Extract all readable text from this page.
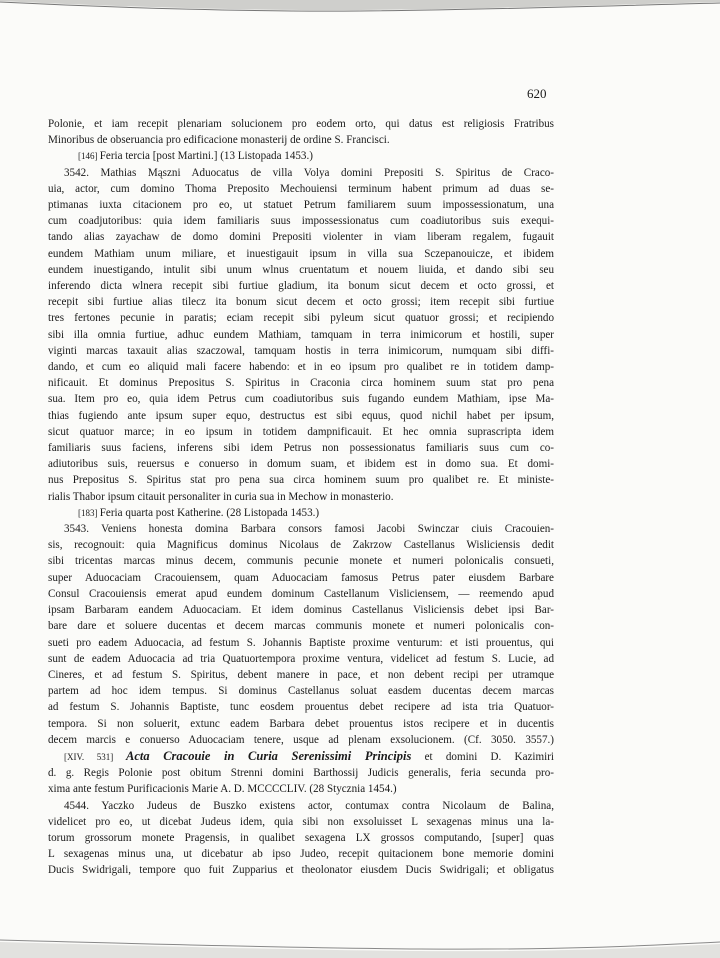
620
Polonie, et iam recepit plenariam solucionem pro eodem orto, qui datus est religiosis Fratribus
Minoribus de obseruancia pro edificacione monasterij de ordine S. Francisci.
[146] Feria tercia [post Martini.] (13 Listopada 1453.)
3542. Mathias Mąszni Aduocatus de villa Volya domini Prepositi S. Spiritus de Craco-
uia, actor, cum domino Thoma Preposito Mechouiensi terminum habent primum ad duas se-
ptimanas iuxta citacionem pro eo, ut statuet Petrum familiarem suum impossessionatum, una
cum coadjutoribus: quia idem familiaris suus impossessionatus cum coadiutoribus suis exequi-
tando alias zayachaw de domo domini Prepositi violenter in viam liberam regalem, fugauit
eundem Mathiam unum miliare, et inuestigauit ipsum in villa sua Sczepanouicze, et ibidem
eundem inuestigando, intulit sibi unum wlnus cruentatum et nouem liuida, et dando sibi seu
inferendo dicta wlnera recepit sibi furtiue gladium, ita bonum sicut decem et octo grossi, et
recepit sibi furtiue alias tilecz ita bonum sicut decem et octo grossi; item recepit sibi furtiue
tres fertones pecunie in paratis; eciam recepit sibi pyleum sicut quatuor grossi; et recipiendo
sibi illa omnia furtiue, adhuc eundem Mathiam, tamquam in terra inimicorum et hostili, super
viginti marcas taxauit alias szaczowal, tamquam hostis in terra inimicorum, numquam sibi diffi-
dando, et cum eo aliquid mali facere habendo: et in eo ipsum pro qualibet re in totidem damp-
nificauit. Et dominus Prepositus S. Spiritus in Craconia circa hominem suum stat pro pena
sua. Item pro eo, quia idem Petrus cum coadiutoribus suis fugando eundem Mathiam, ipse Ma-
thias fugiendo ante ipsum super equo, destructus est sibi equus, quod nichil habet per ipsum,
sicut quatuor marce; in eo ipsum in totidem dampnificauit. Et hec omnia suprascripta idem
familiaris suus faciens, inferens sibi idem Petrus non possessionatus familiaris suus cum co-
adiutoribus suis, reuersus e conuerso in domum suam, et ibidem est in domo sua. Et domi-
nus Prepositus S. Spiritus stat pro pena sua circa hominem suum pro qualibet re. Et ministe-
rialis Thabor ipsum citauit personaliter in curia sua in Mechow in monasterio.
[183] Feria quarta post Katherine. (28 Listopada 1453.)
3543. Veniens honesta domina Barbara consors famosi Jacobi Swinczar ciuis Cracouien-
sis, recognouit: quia Magnificus dominus Nicolaus de Zakrzow Castellanus Wisliciensis dedit
sibi tricentas marcas minus decem, communis pecunie monete et numeri polonicalis consueti,
super Aduocaciam Cracouiensem, quam Aduocaciam famosus Petrus pater eiusdem Barbare
Consul Cracouiensis emerat apud eundem dominum Castellanum Visliciensem, — reemendo apud
ipsam Barbaram eandem Aduocaciam. Et idem dominus Castellanus Visliciensis debet ipsi Bar-
bare dare et soluere ducentas et decem marcas communis monete et numeri polonicalis con-
sueti pro eadem Aduocacia, ad festum S. Johannis Baptiste proxime venturum: et isti prouentus, qui
sunt de eadem Aduocacia ad tria Quatuortempora proxime ventura, videlicet ad festum S. Lucie, ad
Cineres, et ad festum S. Spiritus, debent manere in pace, et non debent recipi per utramque
partem ad hoc idem tempus. Si dominus Castellanus soluat easdem ducentas decem marcas
ad festum S. Johannis Baptiste, tunc eosdem prouentus debet recipere ad ista tria Quatuor-
tempora. Si non soluerit, extunc eadem Barbara debet prouentus istos recipere et in ducentis
decem marcis e conuerso Aduocaciam tenere, usque ad plenam exsolucionem. (Cf. 3050. 3557.)
[XIV. 531] Acta Cracouie in Curia Serenissimi Principis et domini D. Kazimiri
d. g. Regis Polonie post obitum Strenni domini Barthossij Judicis generalis, feria secunda pro-
xima ante festum Purificacionis Marie A. D. MCCCCLIV. (28 Stycznia 1454.)
4544. Yaczko Judeus de Buszko existens actor, contumax contra Nicolaum de Balina,
videlicet pro eo, ut dicebat Judeus idem, quia sibi non exsoluisset L sexagenas minus una la-
torum grossorum monete Pragensis, in qualibet sexagena LX grossos computando, [super] quas
L sexagenas minus una, ut dicebatur ab ipso Judeo, recepit quitacionem bone memorie domini
Ducis Swidrigali, tempore quo fuit Zupparius et theolonator eiusdem Ducis Swidrigali; et obligatus
